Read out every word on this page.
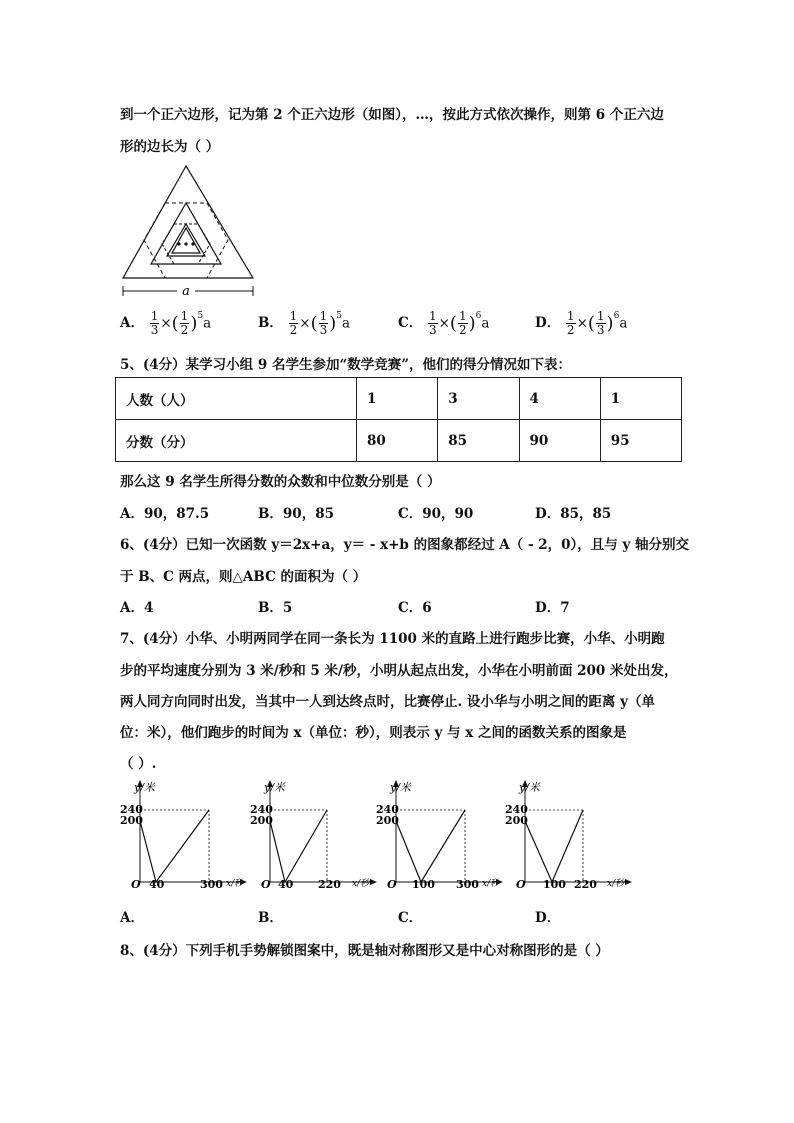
到一个正六边形，记为第 2 个正六边形（如图），…，按此方式依次操作，则第 6 个正六边
形的边长为（ ）
a
A． $\frac{1}{3}$ ×( $\frac{1}{2} )^5a$	B． $\frac{1}{2}$ ×( $\frac{1}{3} )^5a$	C． $\frac{1}{3}$ ×( $\frac{1}{2} )^6a$	D． $\frac{1}{2}$ ×( $\frac{1}{3} )^6a$
5、(4分）某学习小组 9 名学生参加“数学竞赛”，他们的得分情况如下表：
人数（人）	1	3	4	1
分数（分）	80	85	90	95
那么这 9 名学生所得分数的众数和中位数分别是（ ）
A．90，87.5	B．90，85	C．90，90	D．85，85
6、(4分）已知一次函数 y＝2x+a，y＝ - x+b 的图象都经过 A（ - 2，0），且与 y 轴分别交
于 B、C 两点，则△ABC 的面积为（ ）
A．4	B．5	C．6	D．7
7、(4分）小华、小明两同学在同一条长为 1100 米的直路上进行跑步比赛，小华、小明跑
步的平均速度分别为 3 米/秒和 5 米/秒，小明从起点出发，小华在小明前面 200 米处出发，
两人同方向同时出发，当其中一人到达终点时，比赛停止. 设小华与小明之间的距离 y（单
位：米），他们跑步的时间为 x（单位：秒），则表示 y 与 x 之间的函数关系的图象是
（ ）.
y/米
240
200
O 40	300 x/秒
A．
y/米
240
200
O 40 220 x/秒
B．
y/米
240
200
O 100 300 x/秒
C．
y/米
240
200
O 100 220 x/秒
D．
8、(4分）下列手机手势解锁图案中，既是轴对称图形又是中心对称图形的是（ ）
